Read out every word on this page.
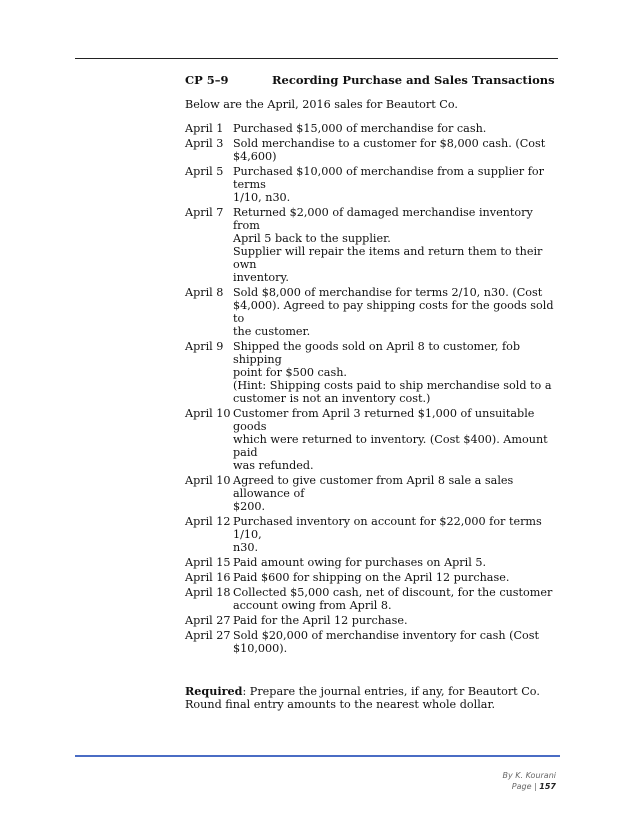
CP 5–9	Recording Purchase and Sales Transactions
Below are the April, 2016 sales for Beautort Co.
April 1 Purchased $15,000 of merchandise for cash.
April 3 Sold merchandise to a customer for $8,000 cash. (Cost
$4,600)
April 5 Purchased $10,000 of merchandise from a supplier for terms
1/10, n30.
April 7 Returned $2,000 of damaged merchandise inventory from
April 5 back to the supplier.
Supplier will repair the items and return them to their own
inventory.
April 8 Sold $8,000 of merchandise for terms 2/10, n30. (Cost
$4,000). Agreed to pay shipping costs for the goods sold to
the customer.
April 9 Shipped the goods sold on April 8 to customer, fob shipping
point for $500 cash.
(Hint: Shipping costs paid to ship merchandise sold to a
customer is not an inventory cost.)
April 10 Customer from April 3 returned $1,000 of unsuitable goods
which were returned to inventory. (Cost $400). Amount paid
was refunded.
April 10 Agreed to give customer from April 8 sale a sales allowance of
$200.
April 12 Purchased inventory on account for $22,000 for terms 1/10,
n30.
April 15 Paid amount owing for purchases on April 5.
April 16 Paid $600 for shipping on the April 12 purchase.
April 18 Collected $5,000 cash, net of discount, for the customer
account owing from April 8.
April 27 Paid for the April 12 purchase.
April 27 Sold $20,000 of merchandise inventory for cash (Cost
$10,000).
Required: Prepare the journal entries, if any, for Beautort Co. Round final entry amounts to the nearest whole dollar.
By K. Kourani
Page | 157
